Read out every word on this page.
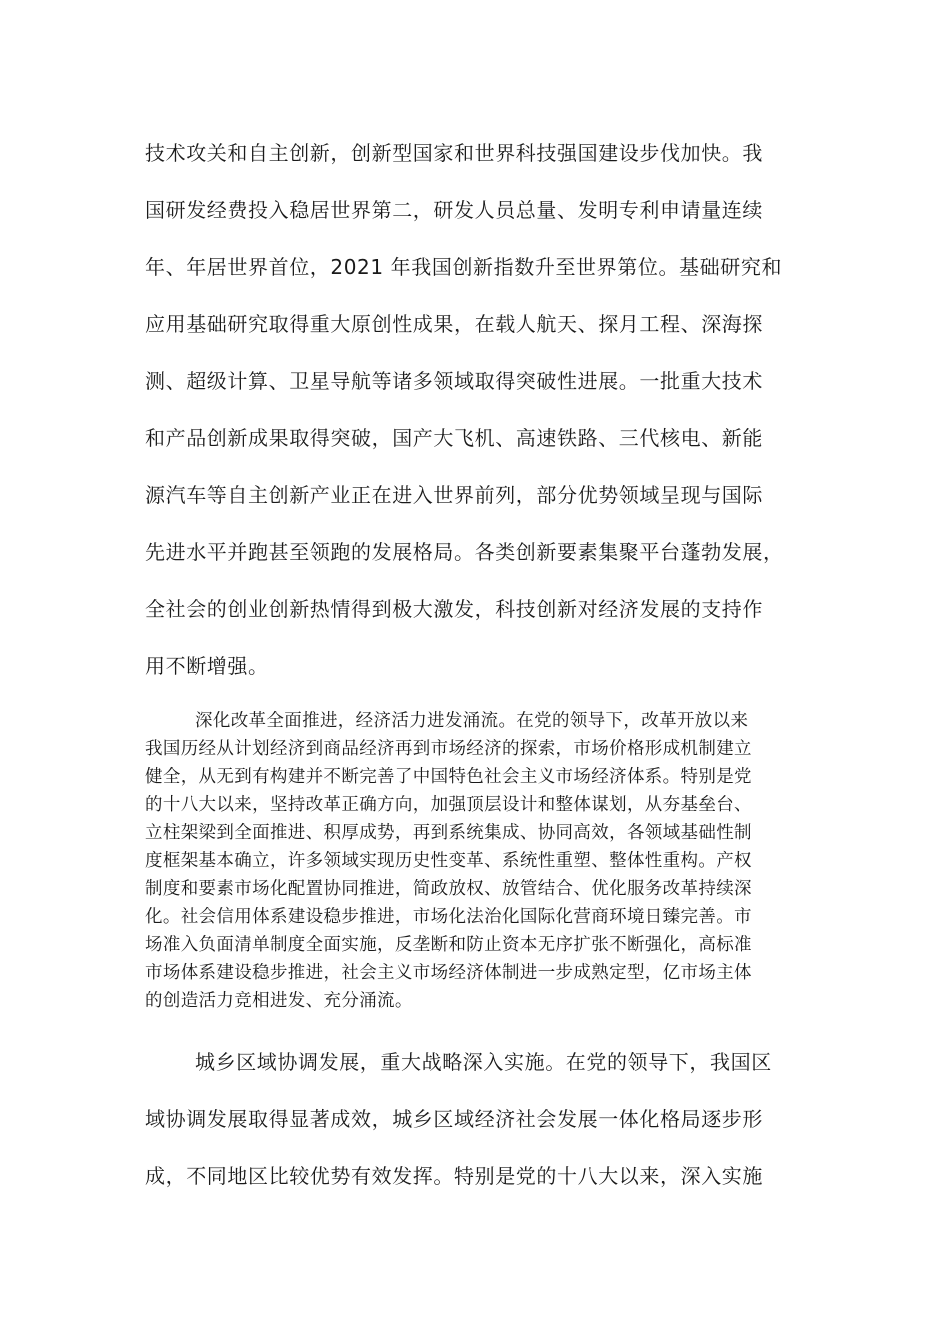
技术攻关和自主创新，创新型国家和世界科技强国建设步伐加快。我

国研发经费投入稳居世界第二，研发人员总量、发明专利申请量连续

年、年居世界首位，2021 年我国创新指数升至世界第位。基础研究和

应用基础研究取得重大原创性成果，在载人航天、探月工程、深海探

测、超级计算、卫星导航等诸多领域取得突破性进展。一批重大技术

和产品创新成果取得突破，国产大飞机、高速铁路、三代核电、新能

源汽车等自主创新产业正在进入世界前列，部分优势领域呈现与国际

先进水平并跑甚至领跑的发展格局。各类创新要素集聚平台蓬勃发展，

全社会的创业创新热情得到极大激发，科技创新对经济发展的支持作

用不断增强。

深化改革全面推进，经济活力进发涌流。在党的领导下，改革开放以来

我国历经从计划经济到商品经济再到市场经济的探索，市场价格形成机制建立

健全，从无到有构建并不断完善了中国特色社会主义市场经济体系。特别是党

的十八大以来，坚持改革正确方向，加强顶层设计和整体谋划，从夯基垒台、

立柱架梁到全面推进、积厚成势，再到系统集成、协同高效，各领域基础性制

度框架基本确立，许多领域实现历史性变革、系统性重塑、整体性重构。产权

制度和要素市场化配置协同推进，简政放权、放管结合、优化服务改革持续深

化。社会信用体系建设稳步推进，市场化法治化国际化营商环境日臻完善。市

场准入负面清单制度全面实施，反垄断和防止资本无序扩张不断强化，高标准

市场体系建设稳步推进，社会主义市场经济体制进一步成熟定型，亿市场主体

的创造活力竞相进发、充分涌流。

城乡区域协调发展，重大战略深入实施。在党的领导下，我国区

域协调发展取得显著成效，城乡区域经济社会发展一体化格局逐步形

成，不同地区比较优势有效发挥。特别是党的十八大以来，深入实施
